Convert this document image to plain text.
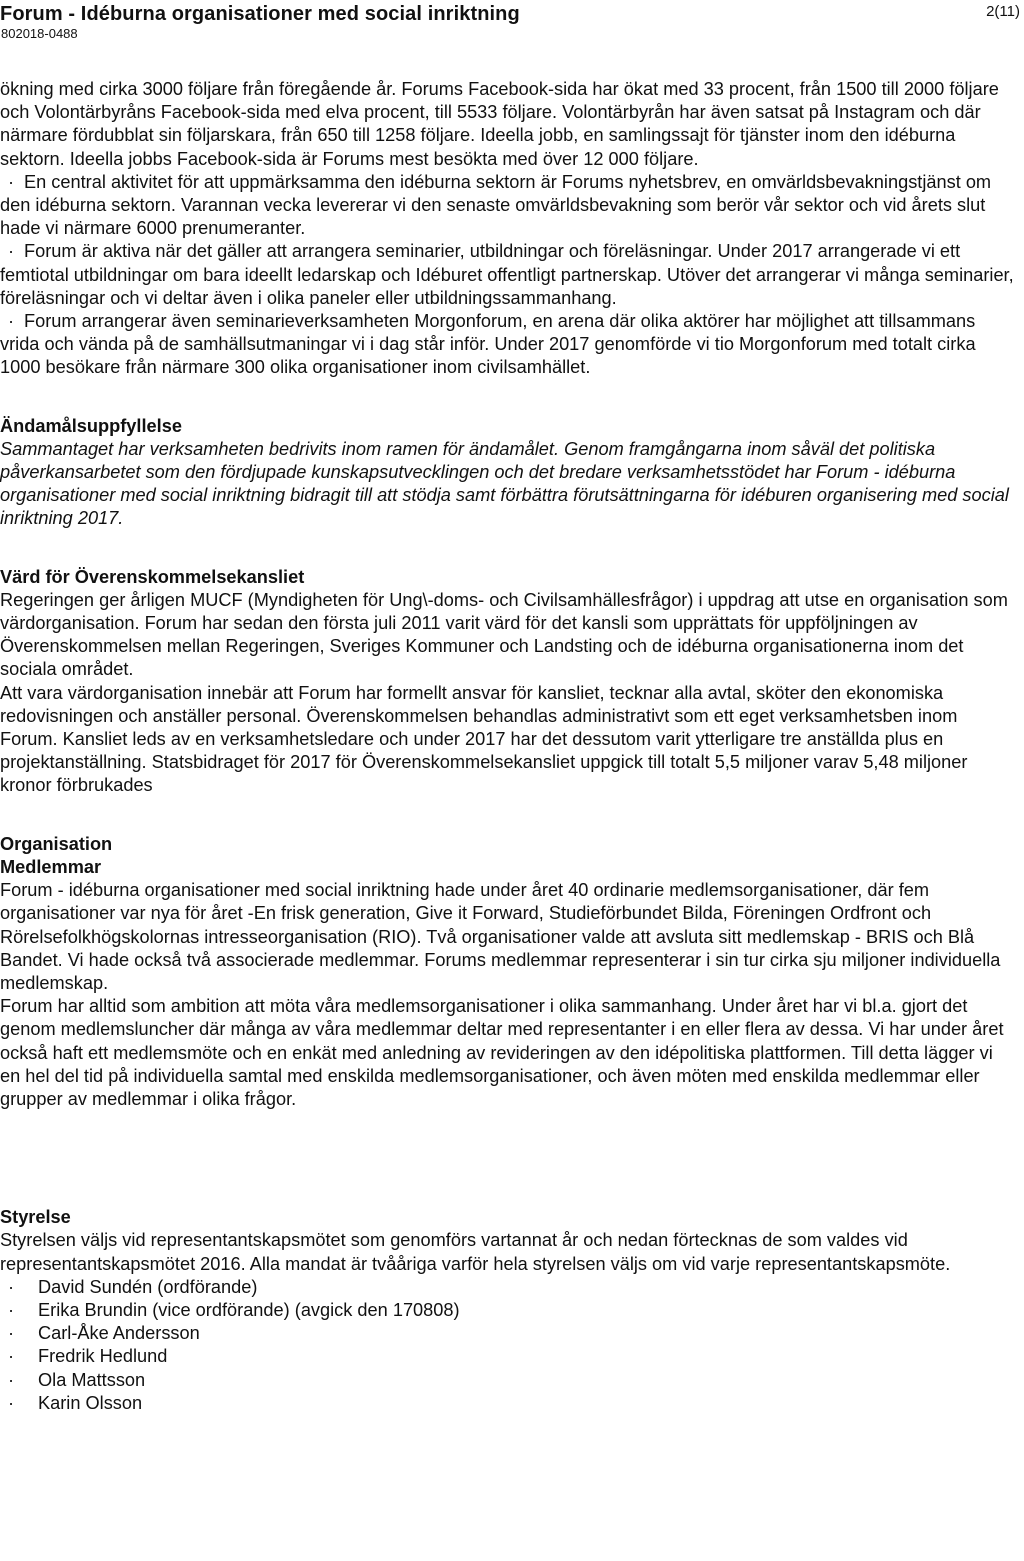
Forum - Idéburna organisationer med social inriktning
802018-0488
2(11)

ökning med cirka 3000 följare från föregående år. Forums Facebook-sida har ökat med 33 procent, från 1500 till 2000 följare och Volontärbyråns Facebook-sida med elva procent, till 5533 följare. Volontärbyrån har även satsat på Instagram och där närmare fördubblat sin följarskara, från 650 till 1258 följare. Ideella jobb, en samlingssajt för tjänster inom den idéburna sektorn. Ideella jobbs Facebook-sida är Forums mest besökta med över 12 000 följare.

· En central aktivitet för att uppmärksamma den idéburna sektorn är Forums nyhetsbrev, en omvärldsbevakningstjänst om den idéburna sektorn. Varannan vecka levererar vi den senaste omvärldsbevakning som berör vår sektor och vid årets slut hade vi närmare 6000 prenumeranter.

· Forum är aktiva när det gäller att arrangera seminarier, utbildningar och föreläsningar. Under 2017 arrangerade vi ett femtiotal utbildningar om bara ideellt ledarskap och Idéburet offentligt partnerskap. Utöver det arrangerar vi många seminarier, föreläsningar och vi deltar även i olika paneler eller utbildningssammanhang.

· Forum arrangerar även seminarieverksamheten Morgonforum, en arena där olika aktörer har möjlighet att tillsammans vrida och vända på de samhällsutmaningar vi i dag står inför. Under 2017 genomförde vi tio Morgonforum med totalt cirka 1000 besökare från närmare 300 olika organisationer inom civilsamhället.

Ändamålsuppfyllelse

Sammantaget har verksamheten bedrivits inom ramen för ändamålet. Genom framgångarna inom såväl det politiska påverkansarbetet som den fördjupade kunskapsutvecklingen och det bredare verksamhetsstödet har Forum - idéburna organisationer med social inriktning bidragit till att stödja samt förbättra förutsättningarna för idéburen organisering med social inriktning 2017.

Värd för Överenskommelsekansliet

Regeringen ger årligen MUCF (Myndigheten för Ung\-doms- och Civilsamhällesfrågor) i uppdrag att utse en organisation som värdorganisation. Forum har sedan den första juli 2011 varit värd för det kansli som upprättats för uppföljningen av Överenskommelsen mellan Regeringen, Sveriges Kommuner och Landsting och de idéburna organisationerna inom det sociala området.

Att vara värdorganisation innebär att Forum har formellt ansvar för kansliet, tecknar alla avtal, sköter den ekonomiska redovisningen och anställer personal. Överenskommelsen behandlas administrativt som ett eget verksamhetsben inom Forum. Kansliet leds av en verksamhetsledare och under 2017 har det dessutom varit ytterligare tre anställda plus en projektanställning. Statsbidraget för 2017 för Överenskommelsekansliet uppgick till totalt 5,5 miljoner varav 5,48 miljoner kronor förbrukades

Organisation

Medlemmar

Forum - idéburna organisationer med social inriktning hade under året 40 ordinarie medlemsorganisationer, där fem organisationer var nya för året -En frisk generation, Give it Forward, Studieförbundet Bilda, Föreningen Ordfront och Rörelsefolkhögskolornas intresseorganisation (RIO). Två organisationer valde att avsluta sitt medlemskap - BRIS och Blå Bandet. Vi hade också två associerade medlemmar. Forums medlemmar representerar i sin tur cirka sju miljoner individuella medlemskap.

Forum har alltid som ambition att möta våra medlemsorganisationer i olika sammanhang. Under året har vi bl.a. gjort det genom medlemsluncher där många av våra medlemmar deltar med representanter i en eller flera av dessa. Vi har under året också haft ett medlemsmöte och en enkät med anledning av revideringen av den idépolitiska plattformen. Till detta lägger vi en hel del tid på individuella samtal med enskilda medlemsorganisationer, och även möten med enskilda medlemmar eller grupper av medlemmar i olika frågor.

Styrelse

Styrelsen väljs vid representantskapsmötet som genomförs vartannat år och nedan förtecknas de som valdes vid representantskapsmötet 2016. Alla mandat är tvååriga varför hela styrelsen väljs om vid varje representantskapsmöte.

· David Sundén (ordförande)
· Erika Brundin (vice ordförande) (avgick den 170808)
· Carl-Åke Andersson
· Fredrik Hedlund
· Ola Mattsson
· Karin Olsson
